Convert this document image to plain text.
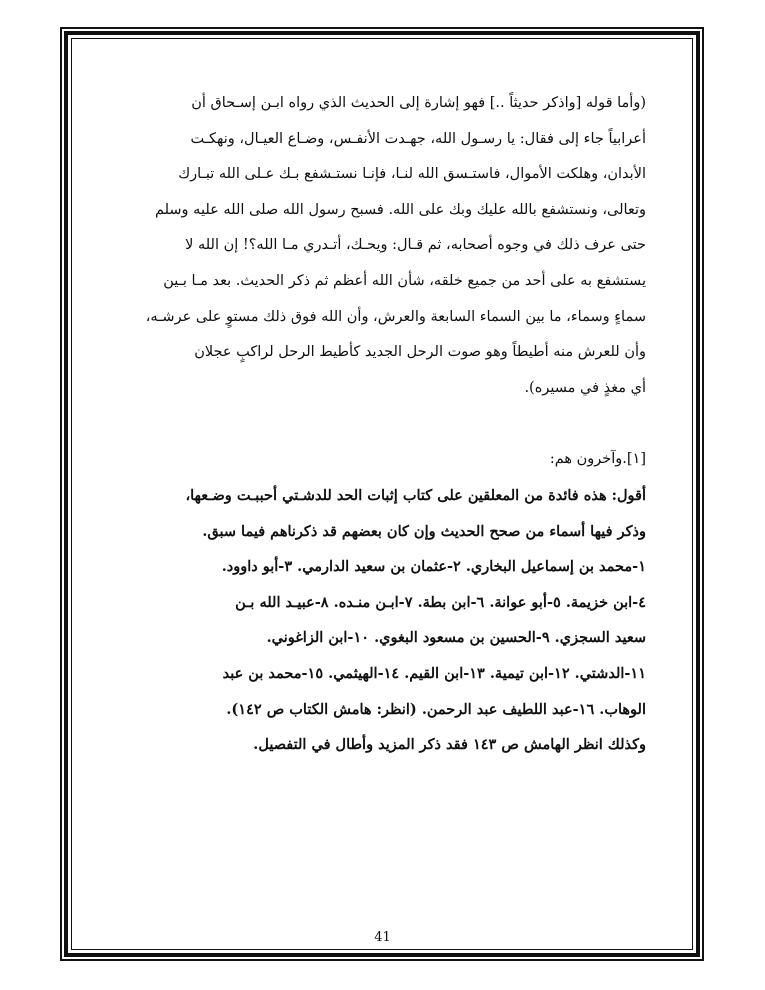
(وأما قوله [واذكر حديثاً ..] فهو إشارة إلى الحديث الذي رواه ابـن إسـحاق أن

أعرابياً جاء إلى فقال: يا رسـول الله، جهـدت الأنفـس، وضـاع العيـال، ونهكـت

الأبدان، وهلكت الأموال، فاستـسق الله لنـا، فإنـا نستـشفع بـك عـلى الله تبـارك

وتعالى، ونستشفع بالله عليك وبك على الله. فسبح رسول الله صلى الله عليه وسلم

حتى عرف ذلك في وجوه أصحابه، ثم قـال: ويحـك، أتـدري مـا الله؟! إن الله لا

يستشفع به على أحد من جميع خلقه، شأن الله أعظم ثم ذكر الحديث. بعد مـا بـين

سماءٍ وسماء، ما بين السماء السابعة والعرش، وأن الله فوق ذلك مستوٍ على عرشـه،

وأن للعرش منه أطيطاً وهو صوت الرحل الجديد كأطيط الرحل لراكبٍ عجلان

أي مغذٍ في مسيره).

[١].وآخرون هم:

أقول: هذه فائدة من المعلقين على كتاب إثبات الحد للدشـتي أحببـت وضـعها،

وذكر فيها أسماء من صحح الحديث وإن كان بعضهم قد ذكرناهم فيما سبق.

١-محمد بن إسماعيل البخاري. ٢-عثمان بن سعيد الدارمي. ٣-أبو داوود.

٤-ابن خزيمة. ٥-أبو عوانة. ٦-ابن بطة. ٧-ابـن منـده. ٨-عبيـد الله بـن

سعيد السجزي. ٩-الحسين بن مسعود البغوي. ١٠-ابن الزاغوني.

١١-الدشتي. ١٢-ابن تيمية. ١٣-ابن القيم. ١٤-الهيثمي. ١٥-محمد بن عبد

الوهاب. ١٦-عبد اللطيف عبد الرحمن. (انظر: هامش الكتاب ص ١٤٢).

وكذلك انظر الهامش ص ١٤٣ فقد ذكر المزيد وأطال في التفصيل.

41
